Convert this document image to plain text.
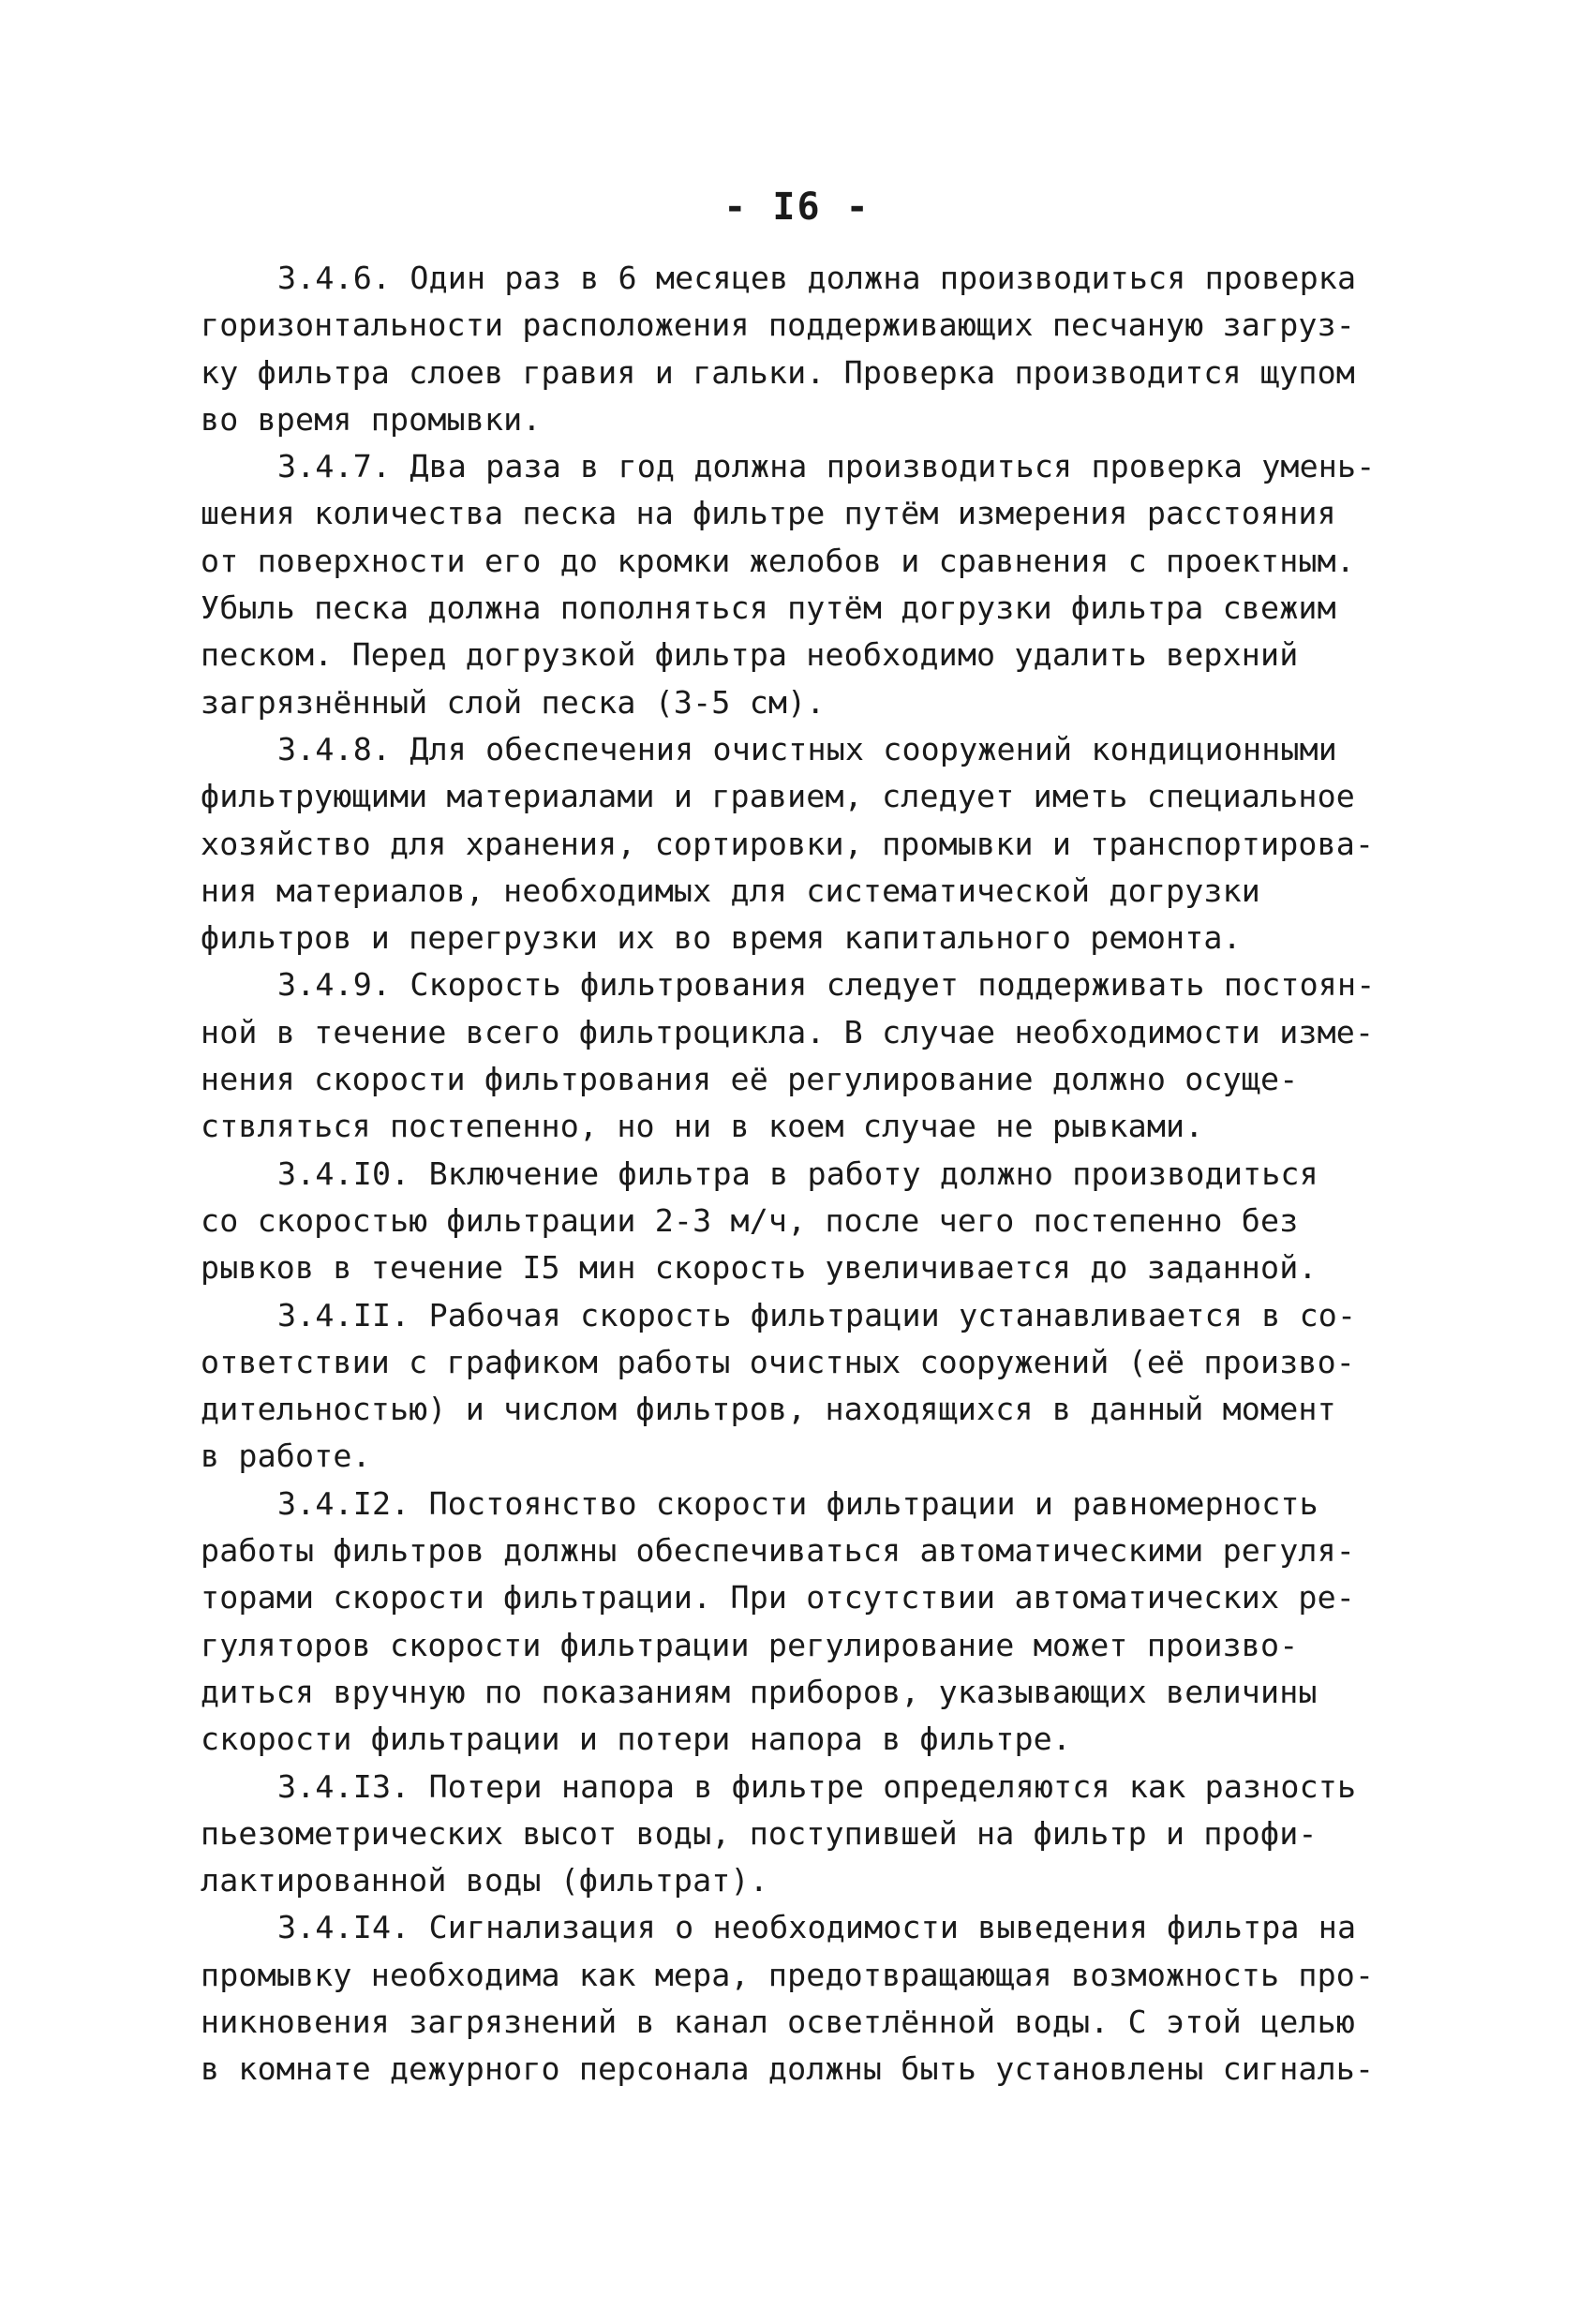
- I6 -
3.4.6. Один раз в 6 месяцев должна производиться проверка
горизонтальности расположения поддерживающих песчаную загруз-
ку фильтра слоев гравия и гальки. Проверка производится щупом
во время промывки.
3.4.7. Два раза в год должна производиться проверка умень-
шения количества песка на фильтре путём измерения расстояния
от поверхности его до кромки желобов и сравнения с проектным.
Убыль песка должна пополняться путём догрузки фильтра свежим
песком. Перед догрузкой фильтра необходимо удалить верхний
загрязнённый слой песка (3-5 см).
3.4.8. Для обеспечения очистных сооружений кондиционными
фильтрующими материалами и гравием, следует иметь специальное
хозяйство для хранения, сортировки, промывки и транспортирова-
ния материалов, необходимых для систематической догрузки
фильтров и перегрузки их во время капитального ремонта.
3.4.9. Скорость фильтрования следует поддерживать постоян-
ной в течение всего фильтроцикла. В случае необходимости изме-
нения скорости фильтрования её регулирование должно осуще-
ствляться постепенно, но ни в коем случае не рывками.
3.4.I0. Включение фильтра в работу должно производиться
со скоростью фильтрации 2-3 м/ч, после чего постепенно без
рывков в течение I5 мин скорость увеличивается до заданной.
3.4.II. Рабочая скорость фильтрации устанавливается в со-
ответствии с графиком работы очистных сооружений (её произво-
дительностью) и числом фильтров, находящихся в данный момент
в работе.
3.4.I2. Постоянство скорости фильтрации и равномерность
работы фильтров должны обеспечиваться автоматическими регуля-
торами скорости фильтрации. При отсутствии автоматических ре-
гуляторов скорости фильтрации регулирование может произво-
диться вручную по показаниям приборов, указывающих величины
скорости фильтрации и потери напора в фильтре.
3.4.I3. Потери напора в фильтре определяются как разность
пьезометрических высот воды, поступившей на фильтр и профи-
лактированной воды (фильтрат).
3.4.I4. Сигнализация о необходимости выведения фильтра на
промывку необходима как мера, предотвращающая возможность про-
никновения загрязнений в канал осветлённой воды. С этой целью
в комнате дежурного персонала должны быть установлены сигналь-
